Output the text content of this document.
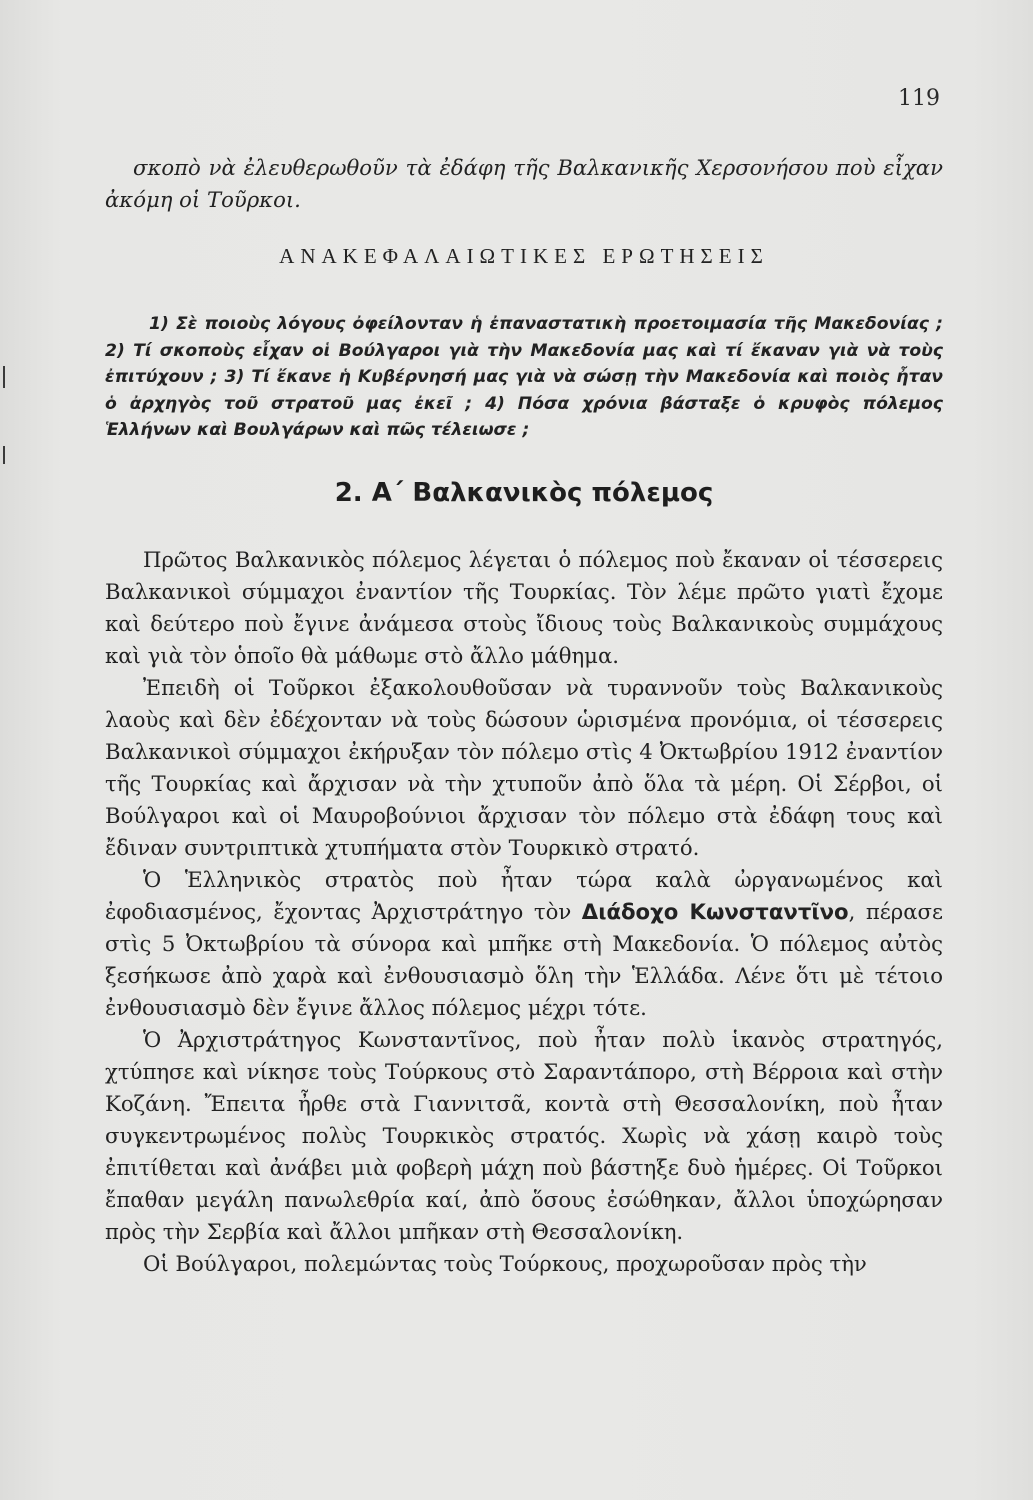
119
σκοπὸ νὰ ἐλευθερωθοῦν τὰ ἐδάφη τῆς Βαλκανικῆς Χερσονήσου ποὺ εἶχαν ἀκόμη οἱ Τοῦρκοι.
ΑΝΑΚΕΦΑΛΑΙΩΤΙΚΕΣ ΕΡΩΤΗΣΕΙΣ

1) Σὲ ποιοὺς λόγους ὀφείλονταν ἡ ἐπαναστατικὴ προετοιμασία τῆς Μακεδονίας ; 2) Τί σκοποὺς εἶχαν οἱ Βούλγαροι γιὰ τὴν Μακεδονία μας καὶ τί ἔκαναν γιὰ νὰ τοὺς ἐπιτύχουν ; 3) Τί ἔκανε ἡ Κυβέρνησή μας γιὰ νὰ σώσῃ τὴν Μακεδονία καὶ ποιὸς ἦταν ὁ ἀρχηγὸς τοῦ στρατοῦ μας ἐκεῖ ; 4) Πόσα χρόνια βάσταξε ὁ κρυφὸς πόλεμος Ἑλλήνων καὶ Βουλγάρων καὶ πῶς τέλειωσε ;

2. Α΄ Βαλκανικὸς πόλεμος

Πρῶτος Βαλκανικὸς πόλεμος λέγεται ὁ πόλεμος ποὺ ἔκαναν οἱ τέσσερεις Βαλκανικοὶ σύμμαχοι ἐναντίον τῆς Τουρκίας. Τὸν λέμε πρῶτο γιατὶ ἔχομε καὶ δεύτερο ποὺ ἔγινε ἀνάμεσα στοὺς ἴδιους τοὺς Βαλκανικοὺς συμμάχους καὶ γιὰ τὸν ὁποῖο θὰ μάθωμε στὸ ἄλλο μάθημα.

Ἐπειδὴ οἱ Τοῦρκοι ἐξακολουθοῦσαν νὰ τυραννοῦν τοὺς Βαλκανικοὺς λαοὺς καὶ δὲν ἐδέχονταν νὰ τοὺς δώσουν ὡρισμένα προνόμια, οἱ τέσσερεις Βαλκανικοὶ σύμμαχοι ἐκήρυξαν τὸν πόλεμο στὶς 4 Ὀκτωβρίου 1912 ἐναντίον τῆς Τουρκίας καὶ ἄρχισαν νὰ τὴν χτυποῦν ἀπὸ ὅλα τὰ μέρη. Οἱ Σέρβοι, οἱ Βούλγαροι καὶ οἱ Μαυροβούνιοι ἄρχισαν τὸν πόλεμο στὰ ἐδάφη τους καὶ ἔδιναν συντριπτικὰ χτυπήματα στὸν Τουρκικὸ στρατό.

Ὁ Ἑλληνικὸς στρατὸς ποὺ ἦταν τώρα καλὰ ὠργανωμένος καὶ ἐφοδιασμένος, ἔχοντας Ἀρχιστράτηγο τὸν Διάδοχο Κωνσταντῖνο, πέρασε στὶς 5 Ὀκτωβρίου τὰ σύνορα καὶ μπῆκε στὴ Μακεδονία. Ὁ πόλεμος αὐτὸς ξεσήκωσε ἀπὸ χαρὰ καὶ ἐνθουσιασμὸ ὅλη τὴν Ἑλλάδα. Λένε ὅτι μὲ τέτοιο ἐνθουσιασμὸ δὲν ἔγινε ἄλλος πόλεμος μέχρι τότε.

Ὁ Ἀρχιστράτηγος Κωνσταντῖνος, ποὺ ἦταν πολὺ ἱκανὸς στρατηγός, χτύπησε καὶ νίκησε τοὺς Τούρκους στὸ Σαραντάπορο, στὴ Βέρροια καὶ στὴν Κοζάνη. Ἔπειτα ἦρθε στὰ Γιαννιτσᾶ, κοντὰ στὴ Θεσσαλονίκη, ποὺ ἦταν συγκεντρωμένος πολὺς Τουρκικὸς στρατός. Χωρὶς νὰ χάσῃ καιρὸ τοὺς ἐπιτίθεται καὶ ἀνάβει μιὰ φοβερὴ μάχη ποὺ βάστηξε δυὸ ἡμέρες. Οἱ Τοῦρκοι ἔπαθαν μεγάλη πανωλεθρία καί, ἀπὸ ὅσους ἐσώθηκαν, ἄλλοι ὑποχώρησαν πρὸς τὴν Σερβία καὶ ἄλλοι μπῆκαν στὴ Θεσσαλονίκη.

Οἱ Βούλγαροι, πολεμώντας τοὺς Τούρκους, προχωροῦσαν πρὸς τὴν
